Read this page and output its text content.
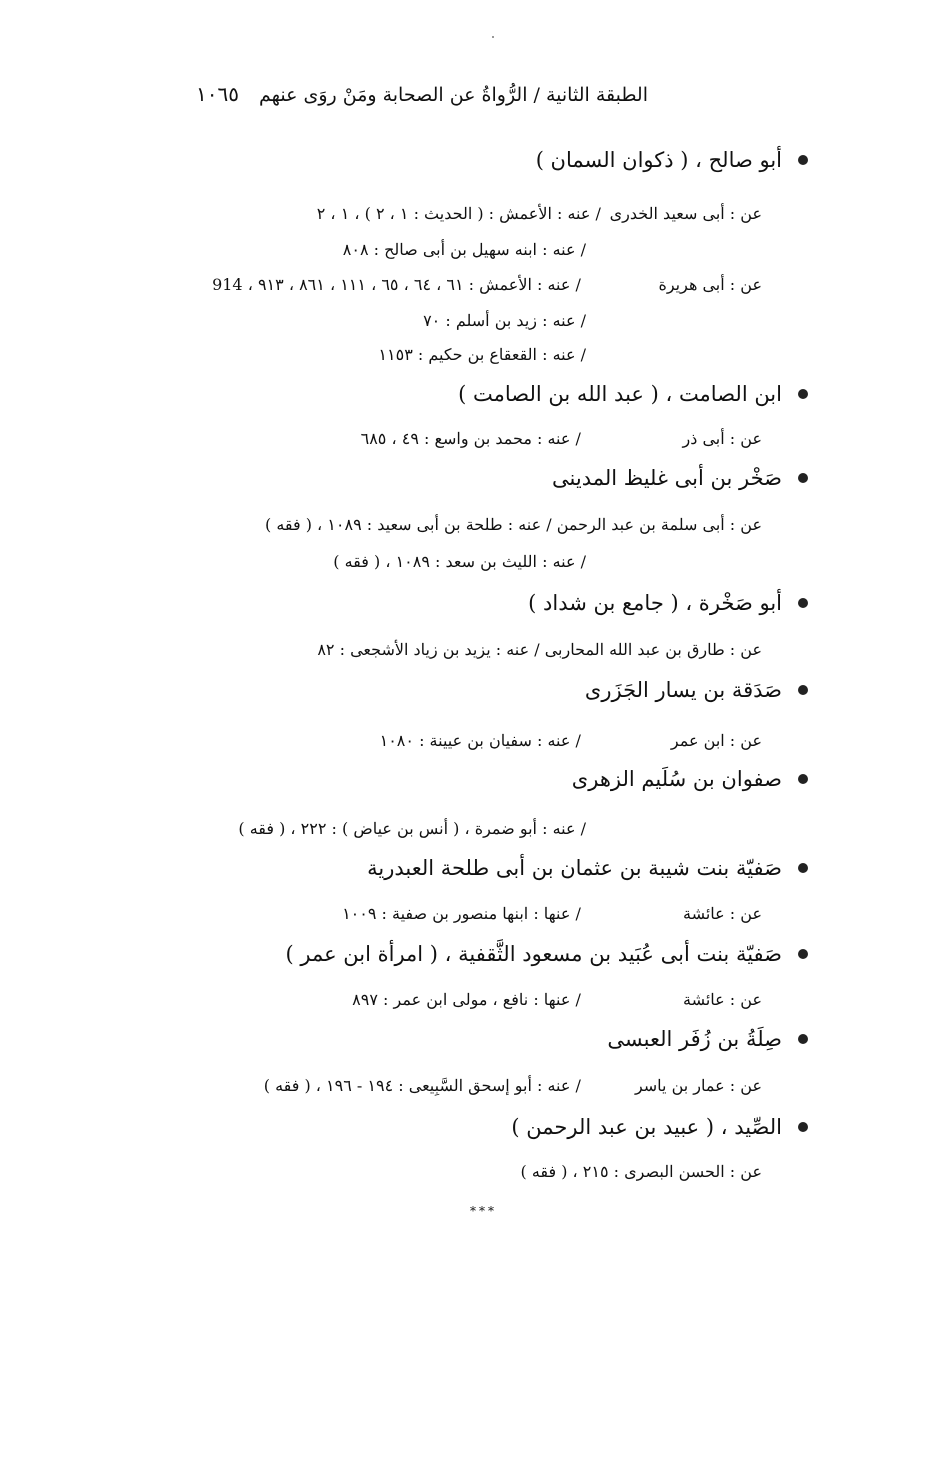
الطبقة الثانية / الرُّواةُ عن الصحابة ومَنْ روَى عنهم
١٠٦٥
أبو صالح ، ( ذكوان السمان )
عن : أبى سعيد الخدرى / عنه : الأعمش : ( الحديث : ١ ، ٢ ) ، ١ ، ٢
/ عنه : ابنه سهيل بن أبى صالح : ٨٠٨
عن : أبى هريرة / عنه : الأعمش : ٦١ ، ٦٤ ، ٦٥ ، ١١١ ، ٨٦١ ، ٩١٣ ، 914
/ عنه : زيد بن أسلم : ٧٠
/ عنه : القعقاع بن حكيم : ١١٥٣
ابن الصامت ، ( عبد الله بن الصامت )
عن : أبى ذر / عنه : محمد بن واسع : ٤٩ ، ٦٨٥
صَخْر بن أبى غليظ المدينى
عن : أبى سلمة بن عبد الرحمن / عنه : طلحة بن أبى سعيد : ١٠٨٩ ، ( فقه )
/ عنه : الليث بن سعد : ١٠٨٩ ، ( فقه )
أبو صَخْرة ، ( جامع بن شداد )
عن : طارق بن عبد الله المحاربى / عنه : يزيد بن زياد الأشجعى : ٨٢
صَدَقة بن يسار الجَزَرى
عن : ابن عمر / عنه : سفيان بن عيينة : ١٠٨٠
صفوان بن سُلَيم الزهرى
/ عنه : أبو ضمرة ، ( أنس بن عياض ) : ٢٢٢ ، ( فقه )
صَفيّة بنت شيبة بن عثمان بن أبى طلحة العبدرية
عن : عائشة / عنها : ابنها منصور بن صفية : ١٠٠٩
صَفيّة بنت أبى عُبَيد بن مسعود الثَّقفية ، ( امرأة ابن عمر )
عن : عائشة / عنها : نافع ، مولى ابن عمر : ٨٩٧
صِلَةُ بن زُفَر العبسى
عن : عمار بن ياسر / عنه : أبو إسحق السَّبِيعى : ١٩٤ - ١٩٦ ، ( فقه )
الصِّيد ، ( عبيد بن عبد الرحمن )
عن : الحسن البصرى : ٢١٥ ، ( فقه )
***
